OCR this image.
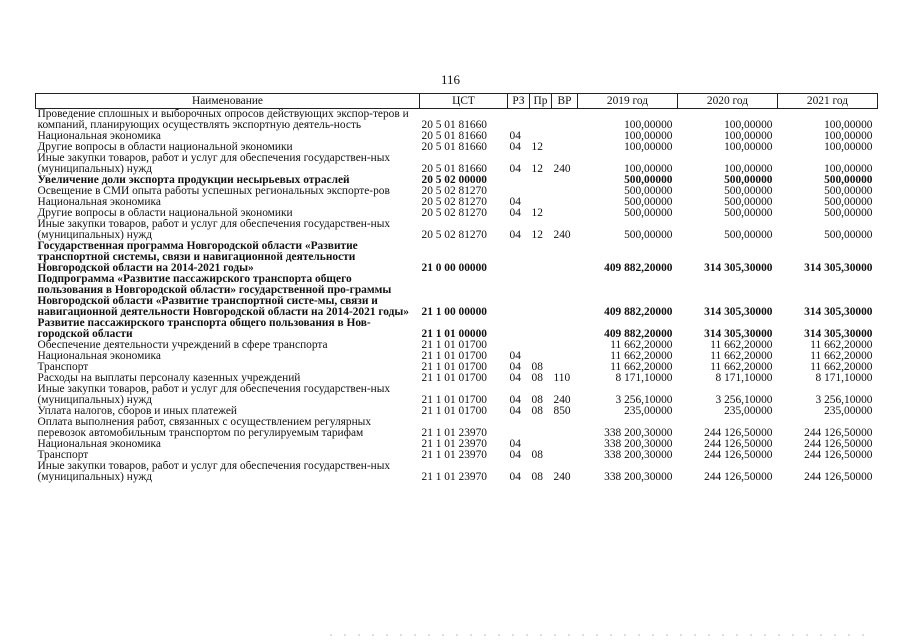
116
Наименование	ЦСТ	РЗ	Пр	ВР	2019 год	2020 год	2021 год
Проведение сплошных и выборочных опросов действующих экспор-теров и компаний, планирующих осуществлять экспортную деятель-ность	20 5 01 81660				100,00000	100,00000	100,00000
Национальная экономика	20 5 01 81660	04			100,00000	100,00000	100,00000
Другие вопросы в области национальной экономики	20 5 01 81660	04	12		100,00000	100,00000	100,00000
Иные закупки товаров, работ и услуг для обеспечения государствен-ных (муниципальных) нужд	20 5 01 81660	04	12	240	100,00000	100,00000	100,00000
Увеличение доли экспорта продукции несырьевых отраслей	20 5 02 00000				500,00000	500,00000	500,00000
Освещение в СМИ опыта работы успешных региональных экспорте-ров	20 5 02 81270				500,00000	500,00000	500,00000
Национальная экономика	20 5 02 81270	04			500,00000	500,00000	500,00000
Другие вопросы в области национальной экономики	20 5 02 81270	04	12		500,00000	500,00000	500,00000
Иные закупки товаров, работ и услуг для обеспечения государствен-ных (муниципальных) нужд	20 5 02 81270	04	12	240	500,00000	500,00000	500,00000
Государственная программа Новгородской области «Развитие транспортной системы, связи и навигационной деятельности Новгородской области на 2014-2021 годы»	21 0 00 00000				409 882,20000	314 305,30000	314 305,30000
Подпрограмма «Развитие пассажирского транспорта общего пользования в Новгородской области» государственной про-граммы Новгородской области «Развитие транспортной систе-мы, связи и навигационной деятельности Новгородской области на 2014-2021 годы»	21 1 00 00000				409 882,20000	314 305,30000	314 305,30000
Развитие пассажирского транспорта общего пользования в Нов-городской области	21 1 01 00000				409 882,20000	314 305,30000	314 305,30000
Обеспечение деятельности учреждений в сфере транспорта	21 1 01 01700				11 662,20000	11 662,20000	11 662,20000
Национальная экономика	21 1 01 01700	04			11 662,20000	11 662,20000	11 662,20000
Транспорт	21 1 01 01700	04	08		11 662,20000	11 662,20000	11 662,20000
Расходы на выплаты персоналу казенных учреждений	21 1 01 01700	04	08	110	8 171,10000	8 171,10000	8 171,10000
Иные закупки товаров, работ и услуг для обеспечения государствен-ных (муниципальных) нужд	21 1 01 01700	04	08	240	3 256,10000	3 256,10000	3 256,10000
Уплата налогов, сборов и иных платежей	21 1 01 01700	04	08	850	235,00000	235,00000	235,00000
Оплата выполнения работ, связанных с осуществлением регулярных перевозок автомобильным транспортом по регулируемым тарифам	21 1 01 23970				338 200,30000	244 126,50000	244 126,50000
Национальная экономика	21 1 01 23970	04			338 200,30000	244 126,50000	244 126,50000
Транспорт	21 1 01 23970	04	08		338 200,30000	244 126,50000	244 126,50000
Иные закупки товаров, работ и услуг для обеспечения государствен-ных (муниципальных) нужд	21 1 01 23970	04	08	240	338 200,30000	244 126,50000	244 126,50000
